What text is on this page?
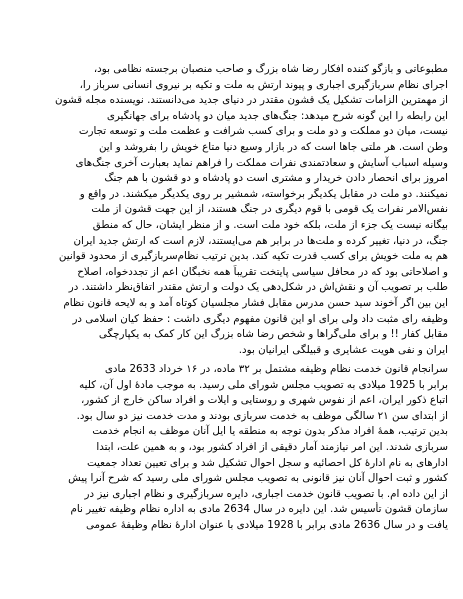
مطبوعاتی و بازگو کننده افکار رضا شاه بزرگ و صاحب منصبان برجسته نظامی بود،
اجرای نظام سربازگیری اجباری و پیوند ارتش به ملت و تکیه بر نیروی انسانی سرباز را،
از مهمترین الزامات تشکیل یک قشون مقتدر در دنیای جدید می‌دانستند. نویسنده مجله قشون
این رابطه را این گونه شرح میدهد: جنگ‌های جدید میان دو پادشاه برای جهانگیری
نیست، میان دو مملکت و دو ملت و برای کسب شرافت و عظمت ملت و توسعه تجارت
وطن است. هر ملتی جاها است که در بازار وسیع دنیا متاع خویش را بفروشد و این
وسیله اسباب آسایش و سعادتمندی نفرات مملکت را فراهم نماید بعبارت آخری جنگ‌های
امروز برای انحصار دادن خریدار و مشتری است دو پادشاه و دو قشون با هم جنگ
نمیکنند. دو ملت در مقابل یکدیگر برخواسته، شمشیر بر روی یکدیگر میکشند. در واقع و
نفس‌الامر نفرات یک قومی با قوم دیگری در جنگ هستند، از این جهت قشون از ملت
بیگانه نیست یک جزء از ملت، بلکه خود ملت است. و از منظر ایشان، حال که منطق
جنگ، در دنیا، تغییر کرده و ملت‌ها در برابر هم می‌ایستند، لازم است که ارتش جدید ایران
هم به ملت خویش برای کسب قدرت تکیه کند. بدین ترتیب نظام‌سربازگیری از محدود قوانین
و اصلاحاتی بود که در محافل سیاسی پایتخت تقریباً همه نخبگان اعم از تجددخواه، اصلاح
طلب بر تصویب آن و نقش‌اش در شکل‌دهی یک دولت و ارتش مقتدر اتفاق‌نظر داشتند. در
این بین اگر آخوند سید حسن مدرس مقابل فشار مجلسیان کوتاه آمد و به لایحه قانون نظام
وظیفه رای مثبت داد ولی برای او این قانون مفهوم دیگری داشت : حفظ کیان اسلامی در
مقابل کفار !! و برای ملی‌گراها و شخص رضا شاه بزرگ این کار کمک به یکپارچگی
ایران و نفی هویت عشایری و قبیلگی ایرانیان بود.
سرانجام قانون خدمت نظام وظیفه مشتمل بر ۳۲ ماده، در ۱۶ خرداد 2633 مادی
برابر با 1925 میلادی به تصویب مجلس شورای ملی رسید. به موجب مادهٔ اول آن، کلیه
اتباع ذکور ایران، اعم از نفوس شهری و روستایی و ایلات و افراد ساکن خارج از کشور،
از ابتدای سن ۲۱ سالگی موظف به خدمت سربازی بودند و مدت خدمت نیز دو سال بود.
بدین ترتیب، همهٔ افراد مذکر بدون توجه به منطقه یا ایل آنان موظف به انجام خدمت
سربازی شدند. این امر نیازمند آمار دقیقی از افراد کشور بود، و به همین علت، ابتدا
ادارهای به نام ادارهٔ کل احصائیه و سجل احوال تشکیل شد و برای تعیین تعداد جمعیت
کشور و ثبت احوال آنان نیز قانونی به تصویب مجلس شورای ملی رسید که شرح آنرا پیش
از این داده ام. با تصویب قانون خدمت اجباری، دایره سربازگیری و نظام اجباری نیز در
سازمان قشون تأسیس شد. این دایره در سال 2634 مادی به اداره نظام وظیفه تغییر نام
یافت و در سال 2636 مادی برابر با 1928 میلادی با عنوان ادارهٔ نظام وظیفهٔ عمومی
